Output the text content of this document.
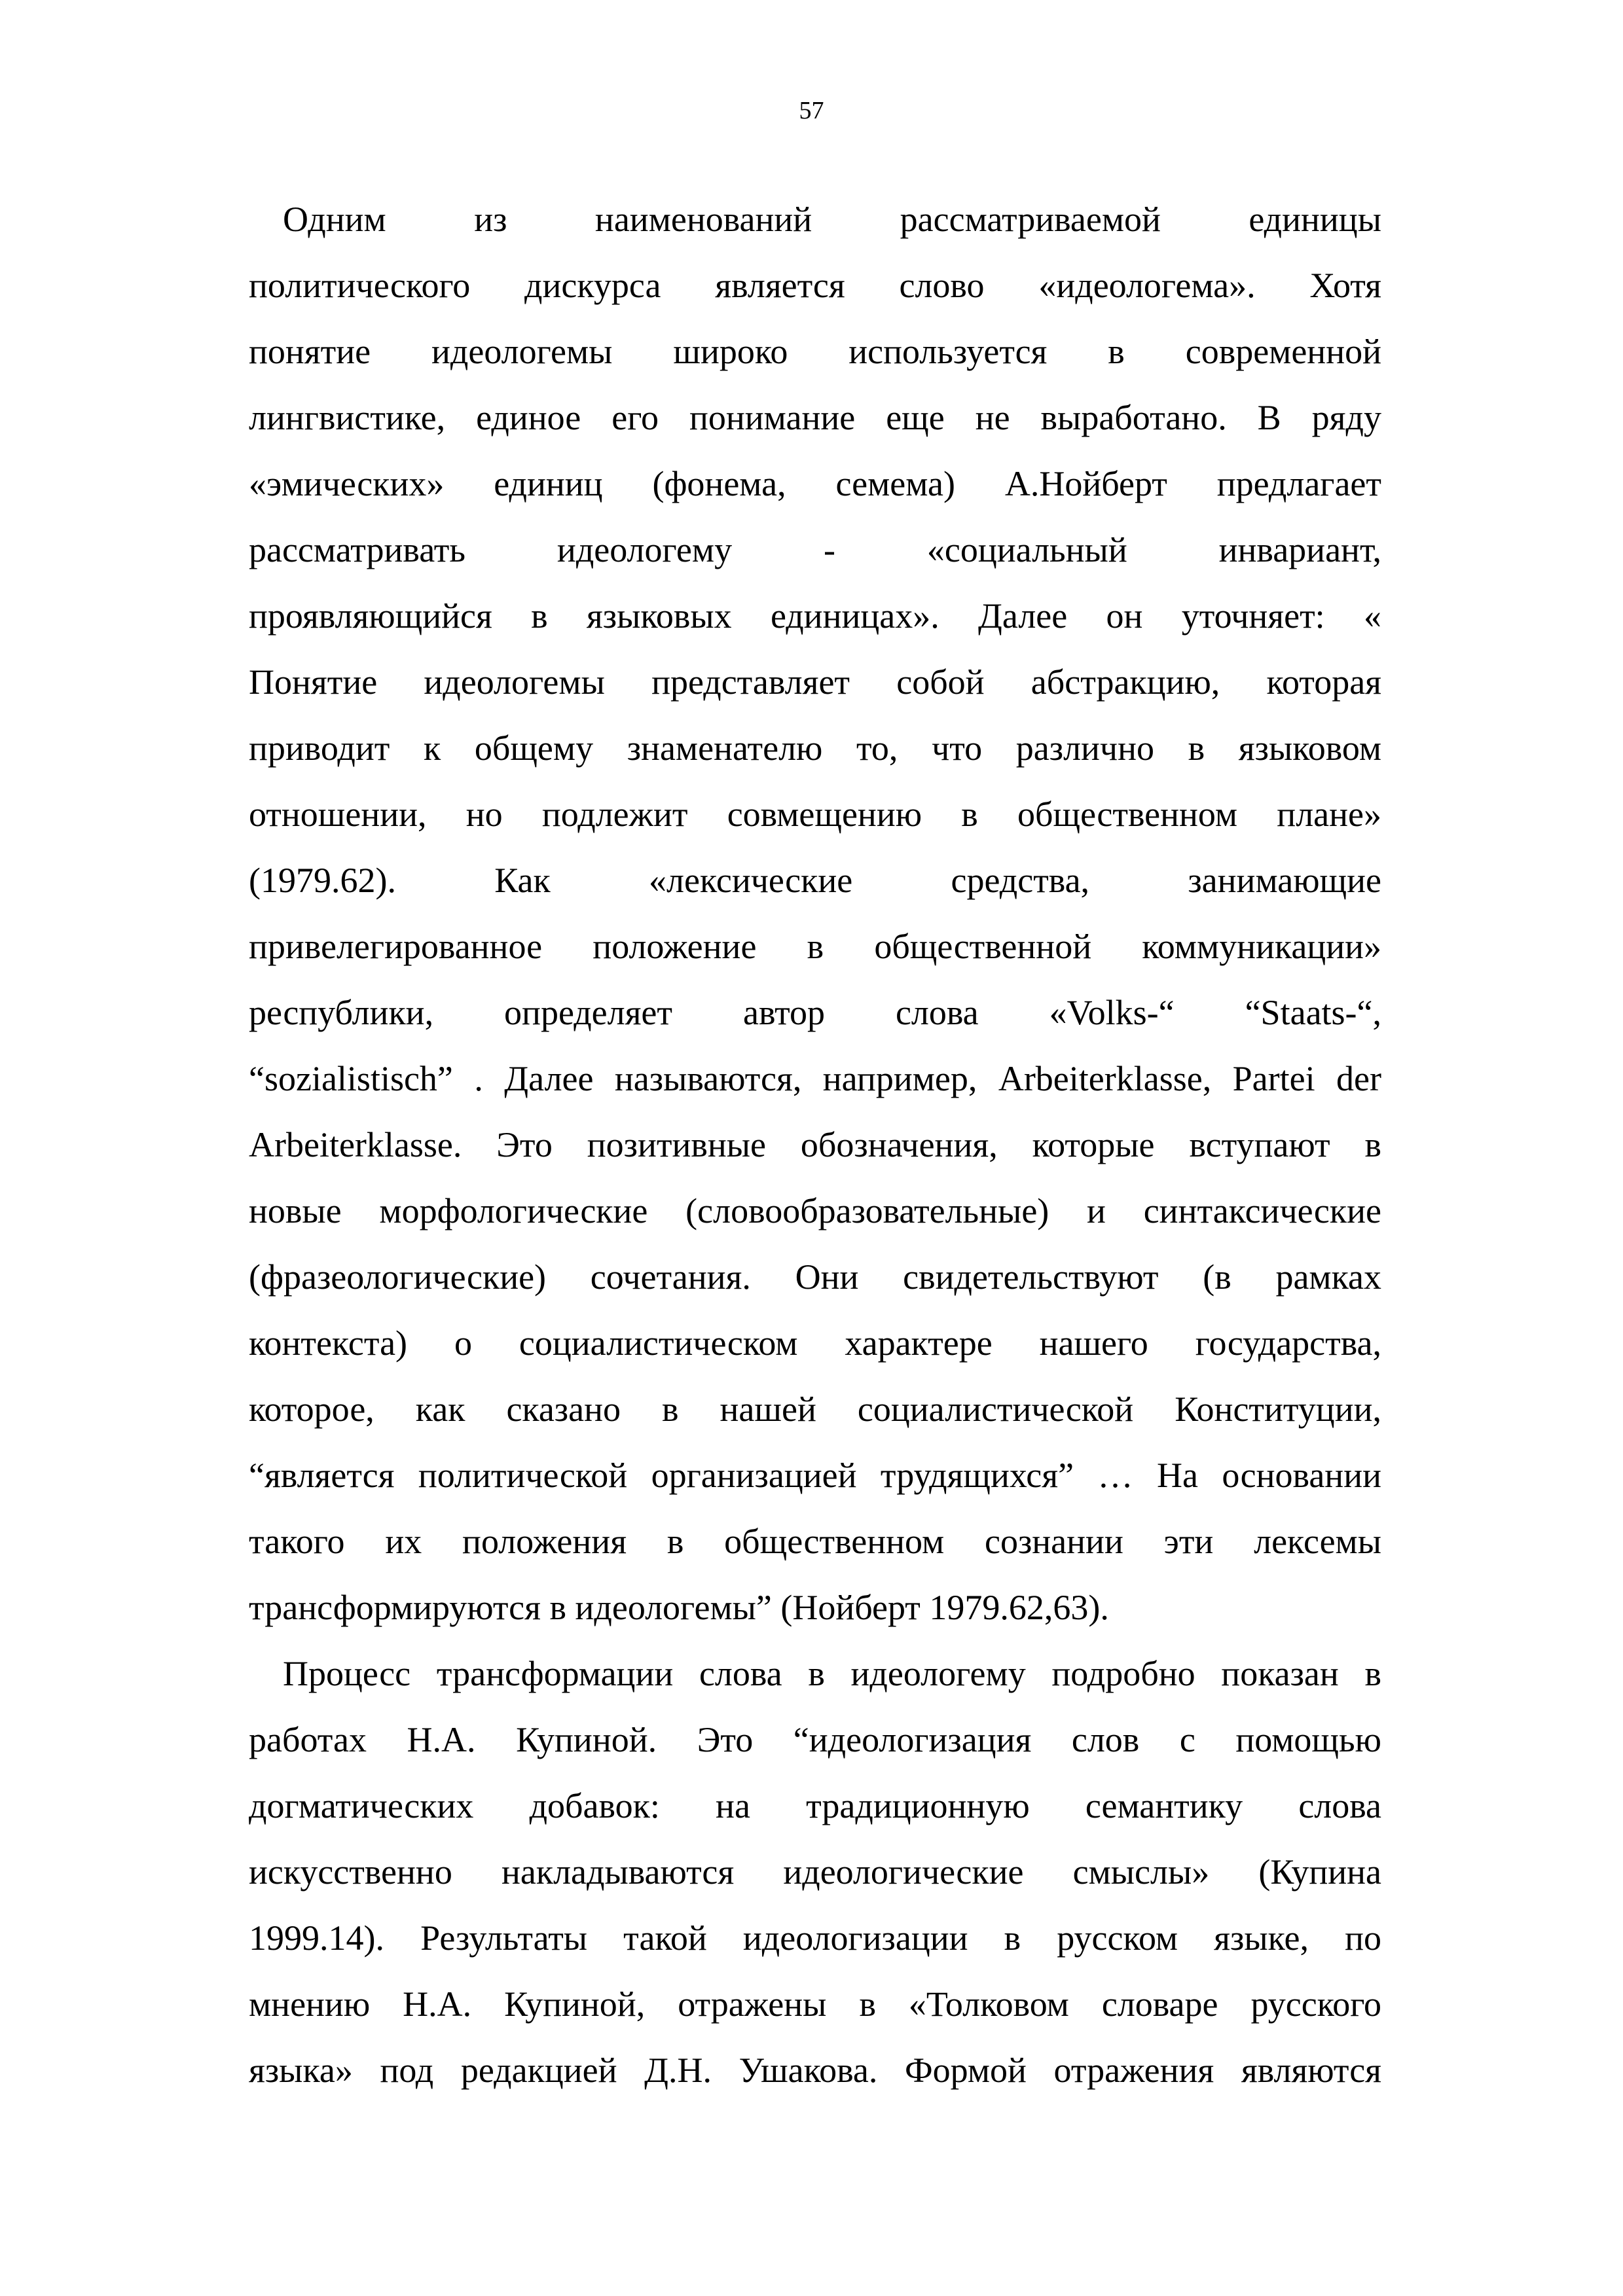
57

Одним из наименований рассматриваемой единицы
политического дискурса является слово «идеологема». Хотя
понятие идеологемы широко используется в современной
лингвистике, единое его понимание еще не выработано. В ряду
«эмических» единиц (фонема, семема) А.Нойберт предлагает
рассматривать идеологему - «социальный инвариант,
проявляющийся в языковых единицах». Далее он уточняет: «
Понятие идеологемы представляет собой абстракцию, которая
приводит к общему знаменателю то, что различно в языковом
отношении, но подлежит совмещению в общественном плане»
(1979.62). Как «лексические средства, занимающие
привелегированное положение в общественной коммуникации»
республики, определяет автор слова «Volks-“ “Staats-“,
“sozialistisch” . Далее называются, например, Arbeiterklasse, Partei der
Arbeiterklasse. Это позитивные обозначения, которые вступают в
новые морфологические (словообразовательные) и синтаксические
(фразеологические) сочетания. Они свидетельствуют (в рамках
контекста) о социалистическом характере нашего государства,
которое, как сказано в нашей социалистической Конституции,
“является политической организацией трудящихся” … На основании
такого их положения в общественном сознании эти лексемы
трансформируются в идеологемы” (Нойберт 1979.62,63).

Процесс трансформации слова в идеологему подробно показан в
работах Н.А. Купиной. Это “идеологизация слов с помощью
догматических добавок: на традиционную семантику слова
искусственно накладываются идеологические смыслы» (Купина
1999.14). Результаты такой идеологизации в русском языке, по
мнению Н.А. Купиной, отражены в «Толковом словаре русского
языка» под редакцией Д.Н. Ушакова. Формой отражения являются
